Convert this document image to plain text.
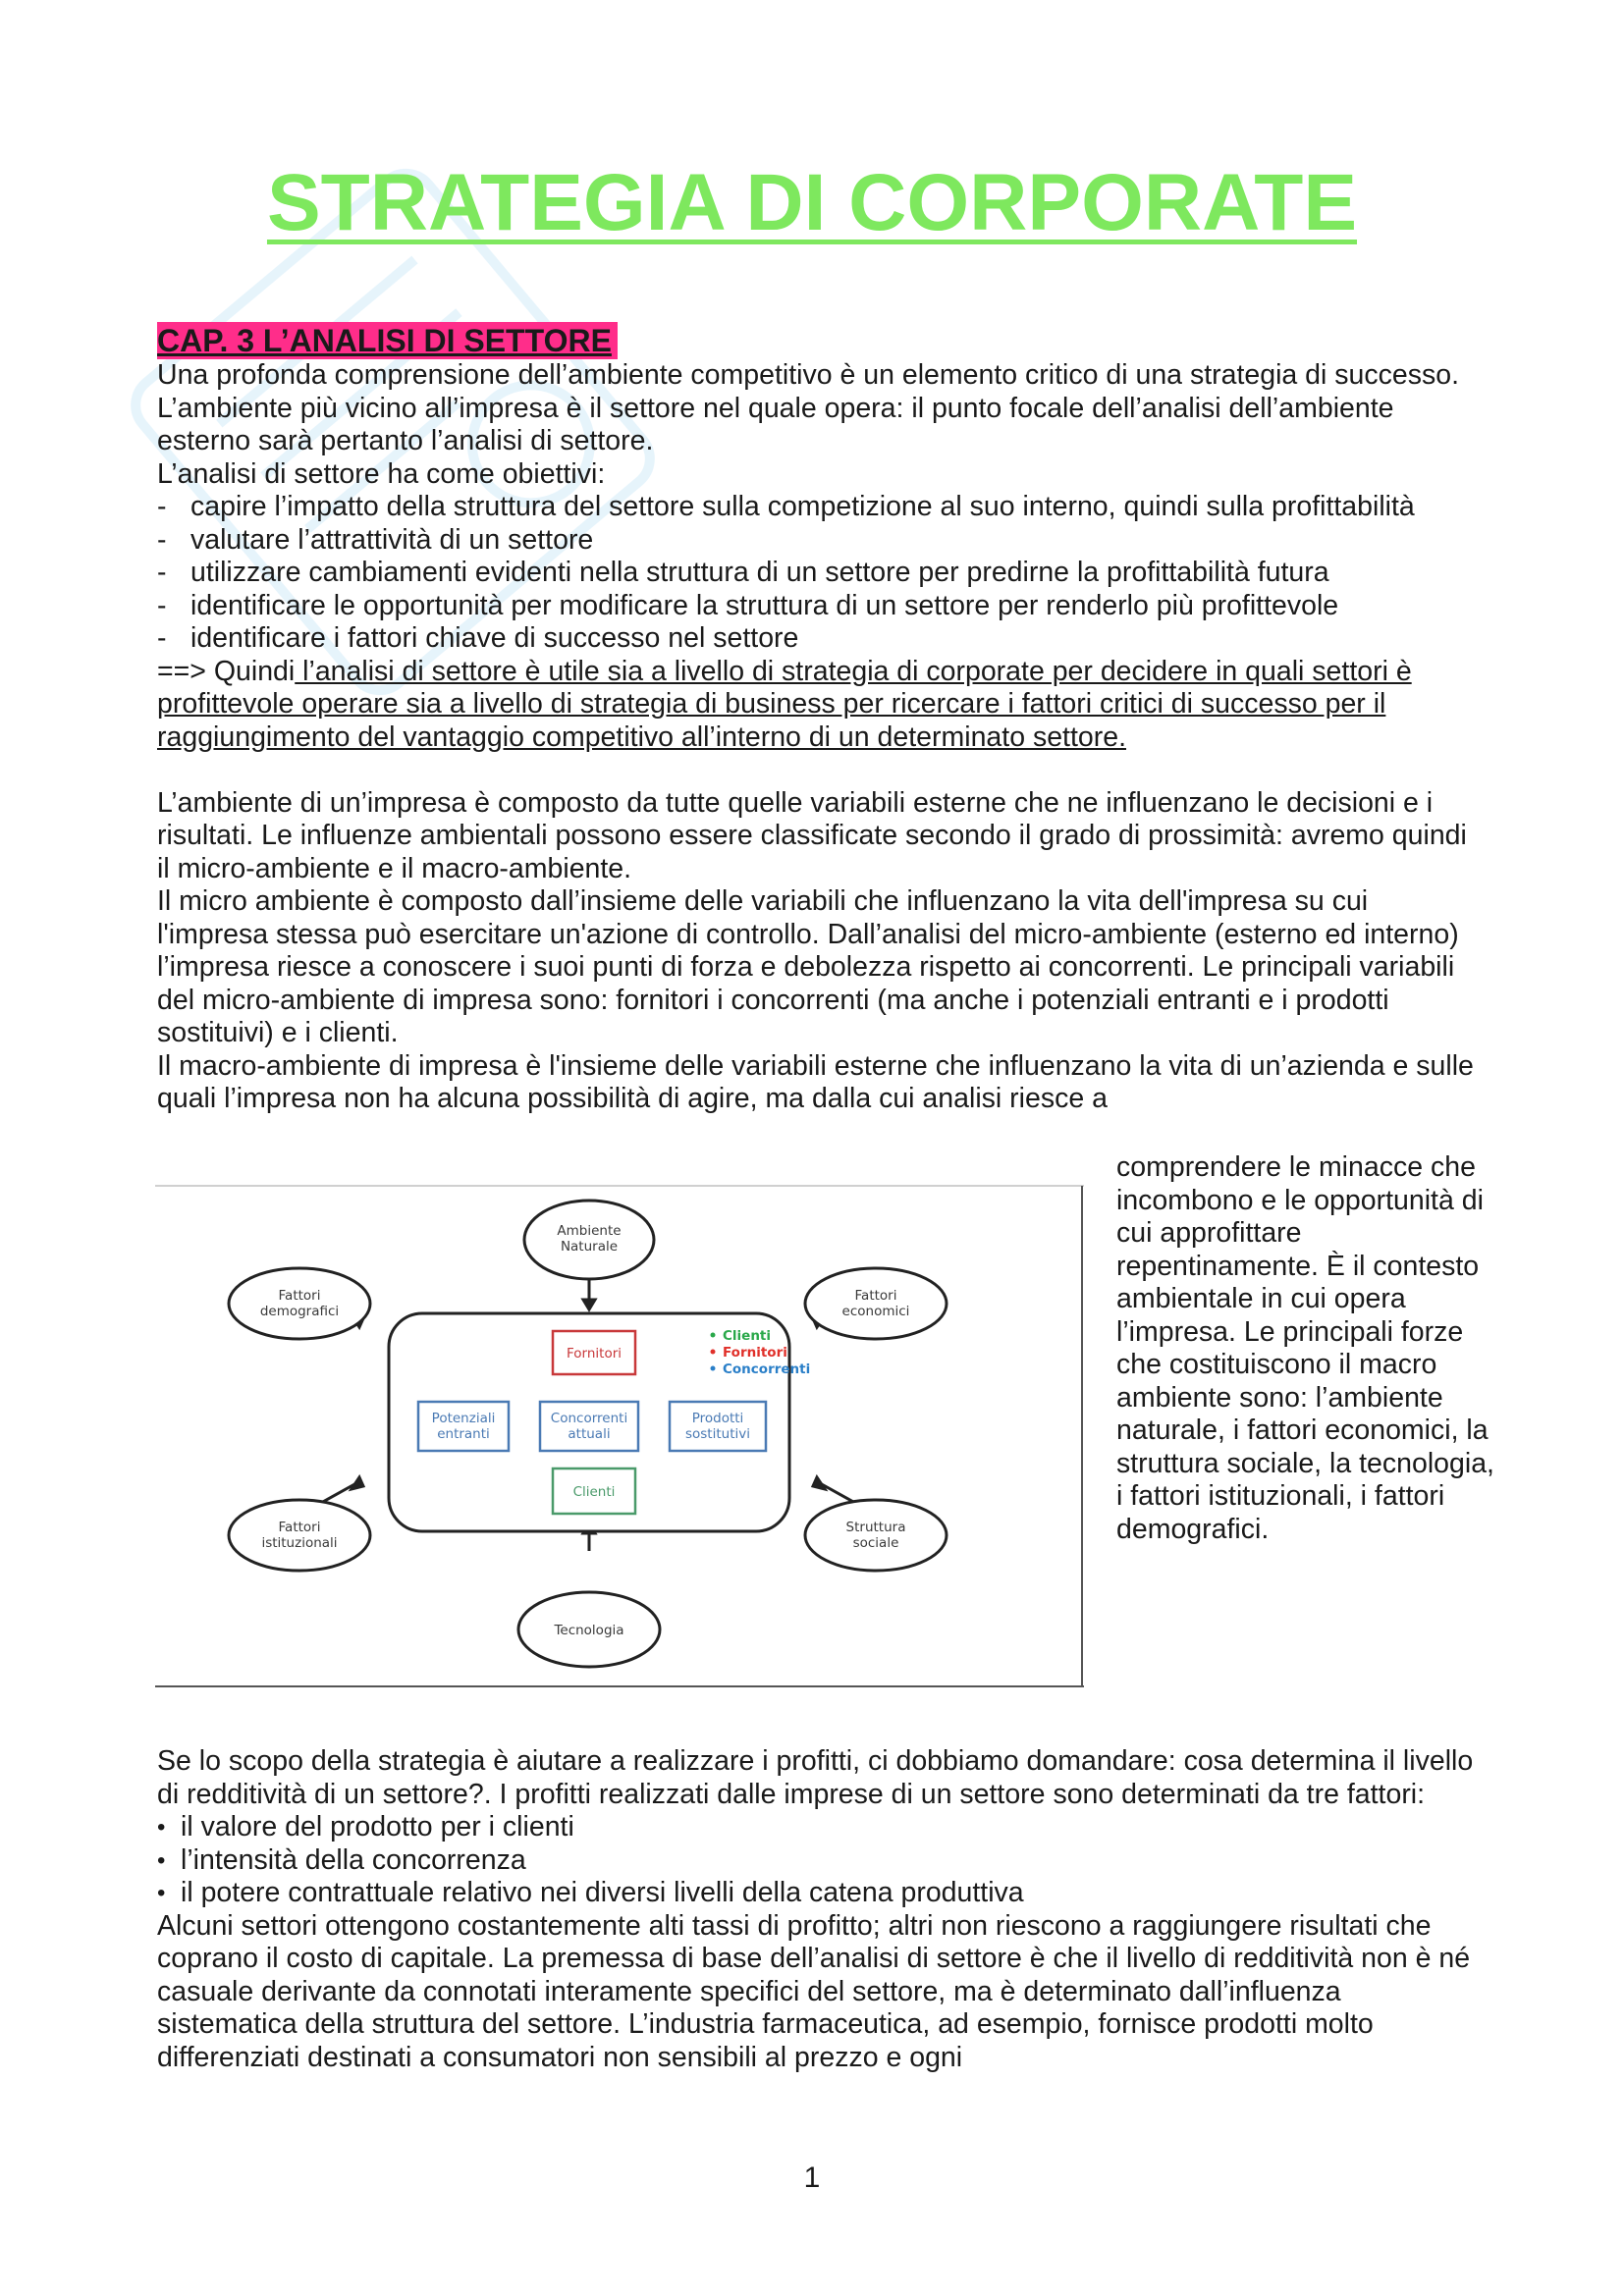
STRATEGIA DI CORPORATE
CAP. 3 L’ANALISI DI SETTORE

Una profonda comprensione dell’ambiente competitivo è un elemento critico di una strategia di successo. L’ambiente più vicino all’impresa è il settore nel quale opera: il punto focale dell’analisi dell’ambiente esterno sarà pertanto l’analisi di settore.

L’analisi di settore ha come obiettivi:

- capire l’impatto della struttura del settore sulla competizione al suo interno, quindi sulla profittabilità
- valutare l’attrattività di un settore
- utilizzare cambiamenti evidenti nella struttura di un settore per predirne la profittabilità futura
- identificare le opportunità per modificare la struttura di un settore per renderlo più profittevole
- identificare i fattori chiave di successo nel settore

==> Quindi l’analisi di settore è utile sia a livello di strategia di corporate per decidere in quali settori è profittevole operare sia a livello di strategia di business per ricercare i fattori critici di successo per il raggiungimento del vantaggio competitivo all’interno di un determinato settore.

L’ambiente di un’impresa è composto da tutte quelle variabili esterne che ne influenzano le decisioni e i risultati. Le influenze ambientali possono essere classificate secondo il grado di prossimità: avremo quindi il micro-ambiente e il macro-ambiente.

Il micro ambiente è composto dall’insieme delle variabili che influenzano la vita dell'impresa su cui l'impresa stessa può esercitare un'azione di controllo. Dall’analisi del micro-ambiente (esterno ed interno) l’impresa riesce a conoscere i suoi punti di forza e debolezza rispetto ai concorrenti. Le principali variabili del micro-ambiente di impresa sono: fornitori i concorrenti (ma anche i potenziali entranti e i prodotti sostituivi) e i clienti.

Il macro-ambiente di impresa è l'insieme delle variabili esterne che influenzano la vita di un’azienda e sulle quali l’impresa non ha alcuna possibilità di agire, ma dalla cui analisi riesce a

Ambiente
Naturale
Fattori
demografici
Fattori
economici
Fattori
istituzionali
Struttura
sociale
Tecnologia
Fornitori
Potenziali
entranti
Concorrenti
attuali
Prodotti
sostitutivi
Clienti
Clienti
Fornitori
Concorrenti

comprendere le minacce che incombono e le opportunità di cui approfittare repentinamente. È il contesto ambientale in cui opera l’impresa. Le principali forze che costituiscono il macro ambiente sono: l’ambiente naturale, i fattori economici, la struttura sociale, la tecnologia, i fattori istituzionali, i fattori demografici.

Se lo scopo della strategia è aiutare a realizzare i profitti, ci dobbiamo domandare: cosa determina il livello di redditività di un settore?. I profitti realizzati dalle imprese di un settore sono determinati da tre fattori:

• il valore del prodotto per i clienti
• l’intensità della concorrenza
• il potere contrattuale relativo nei diversi livelli della catena produttiva

Alcuni settori ottengono costantemente alti tassi di profitto; altri non riescono a raggiungere risultati che coprano il costo di capitale. La premessa di base dell’analisi di settore è che il livello di redditività non è né casuale derivante da connotati interamente specifici del settore, ma è determinato dall’influenza sistematica della struttura del settore. L’industria farmaceutica, ad esempio, fornisce prodotti molto differenziati destinati a consumatori non sensibili al prezzo e ogni

1
